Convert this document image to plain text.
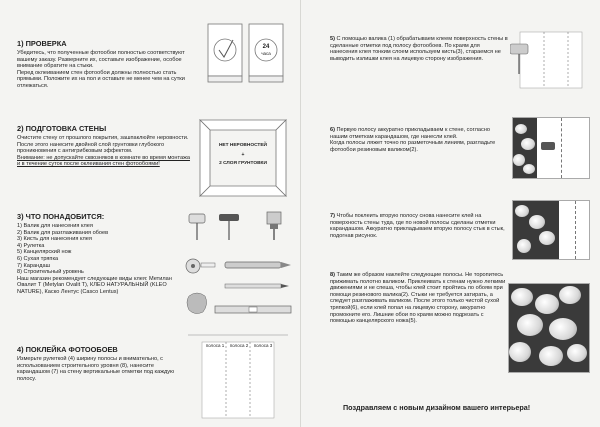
1) ПРОВЕРКА

Убедитесь, что полученные фотообои полностью соответствуют вашему заказу. Разверните их, составьте изображение, особое внимание обратите на стыки.

Перед оклеиванием стен фотообои должны полностью стать прямыми. Положите их на пол и оставьте не менее чем на сутки отлежаться.

24
часа
2) ПОДГОТОВКА СТЕНЫ

Очистите стену от прошлого покрытия, зашпаклюйте неровности. После этого нанесите двойной слой грунтовки глубокого проникновения с антигрибковым эффектом.

Внимание: не допускайте сквозняков в комнате во время монтажа и в течение суток после оклеивания стен фотообоями!

НЕТ НЕРОВНОСТЕЙ
+
2 СЛОЯ ГРУНТОВКИ
3) ЧТО ПОНАДОБИТСЯ:

1) Валик для нанесения клея

2) Валик для разглаживания обоев

3) Кисть для нанесения клея

4) Рулетка

5) Канцелярский нож

6) Сухая тряпка

7) Карандаш

8) Строительный уровень

Наш магазин рекомендует следующие виды клея: Метилан Овалит Т (Metylan Ovalit T), КЛЕО НАТУРАЛЬНЫЙ (KLEO NATURE), Каско Лентус (Casco Lentus)

4) ПОКЛЕЙКА ФОТООБОЕВ

Измерьте рулеткой (4) ширину полосы и внимательно, с использованием строительного уровня (8), нанесите карандашом (7) на стену вертикальные отметки под каждую полосу.

полоса 1	полоса 2	полоса 3

5) С помощью валика (1) обрабатываем клеем поверхность стены в сделанные отметки под полосу фотообоев. По краям для нанесения клея тонким слоем используем кисть(3), стараемся не выводить излишки клея на лицевую сторону изображения.

6) Первую полосу аккуратно прикладываем к стене, согласно нашим отметкам карандашом, где нанесли клей.

Когда полосы ляжет точно по разметочным линиям, разгладьте фотообои резиновым валиком(2).

7) Чтобы поклеить вторую полосу снова нанесите клей на поверхность стены туда, где по новой полосы сделаны отметки карандашом. Аккуратно прикладываем вторую полосу стык в стык, подогнав рисунок.

8) Таким же образом наклейте следующие полосы. Не торопитесь прижимать полотно валиком. Приклеивать к стенам нужно легкими движениями и не спеша, чтобы клей стоит пройтись по обоям при помощи резинового валика(2). Стыки не требуется затирать, а следует разглаживать валиком. После этого только чистой сухой тряпкой(6), если клей попал на лицевую сторону, аккуратно промокните его. Лишние обои по краям можно подрезать с помощью канцелярского ножа(5).

Поздравляем с новым дизайном вашего интерьера!
